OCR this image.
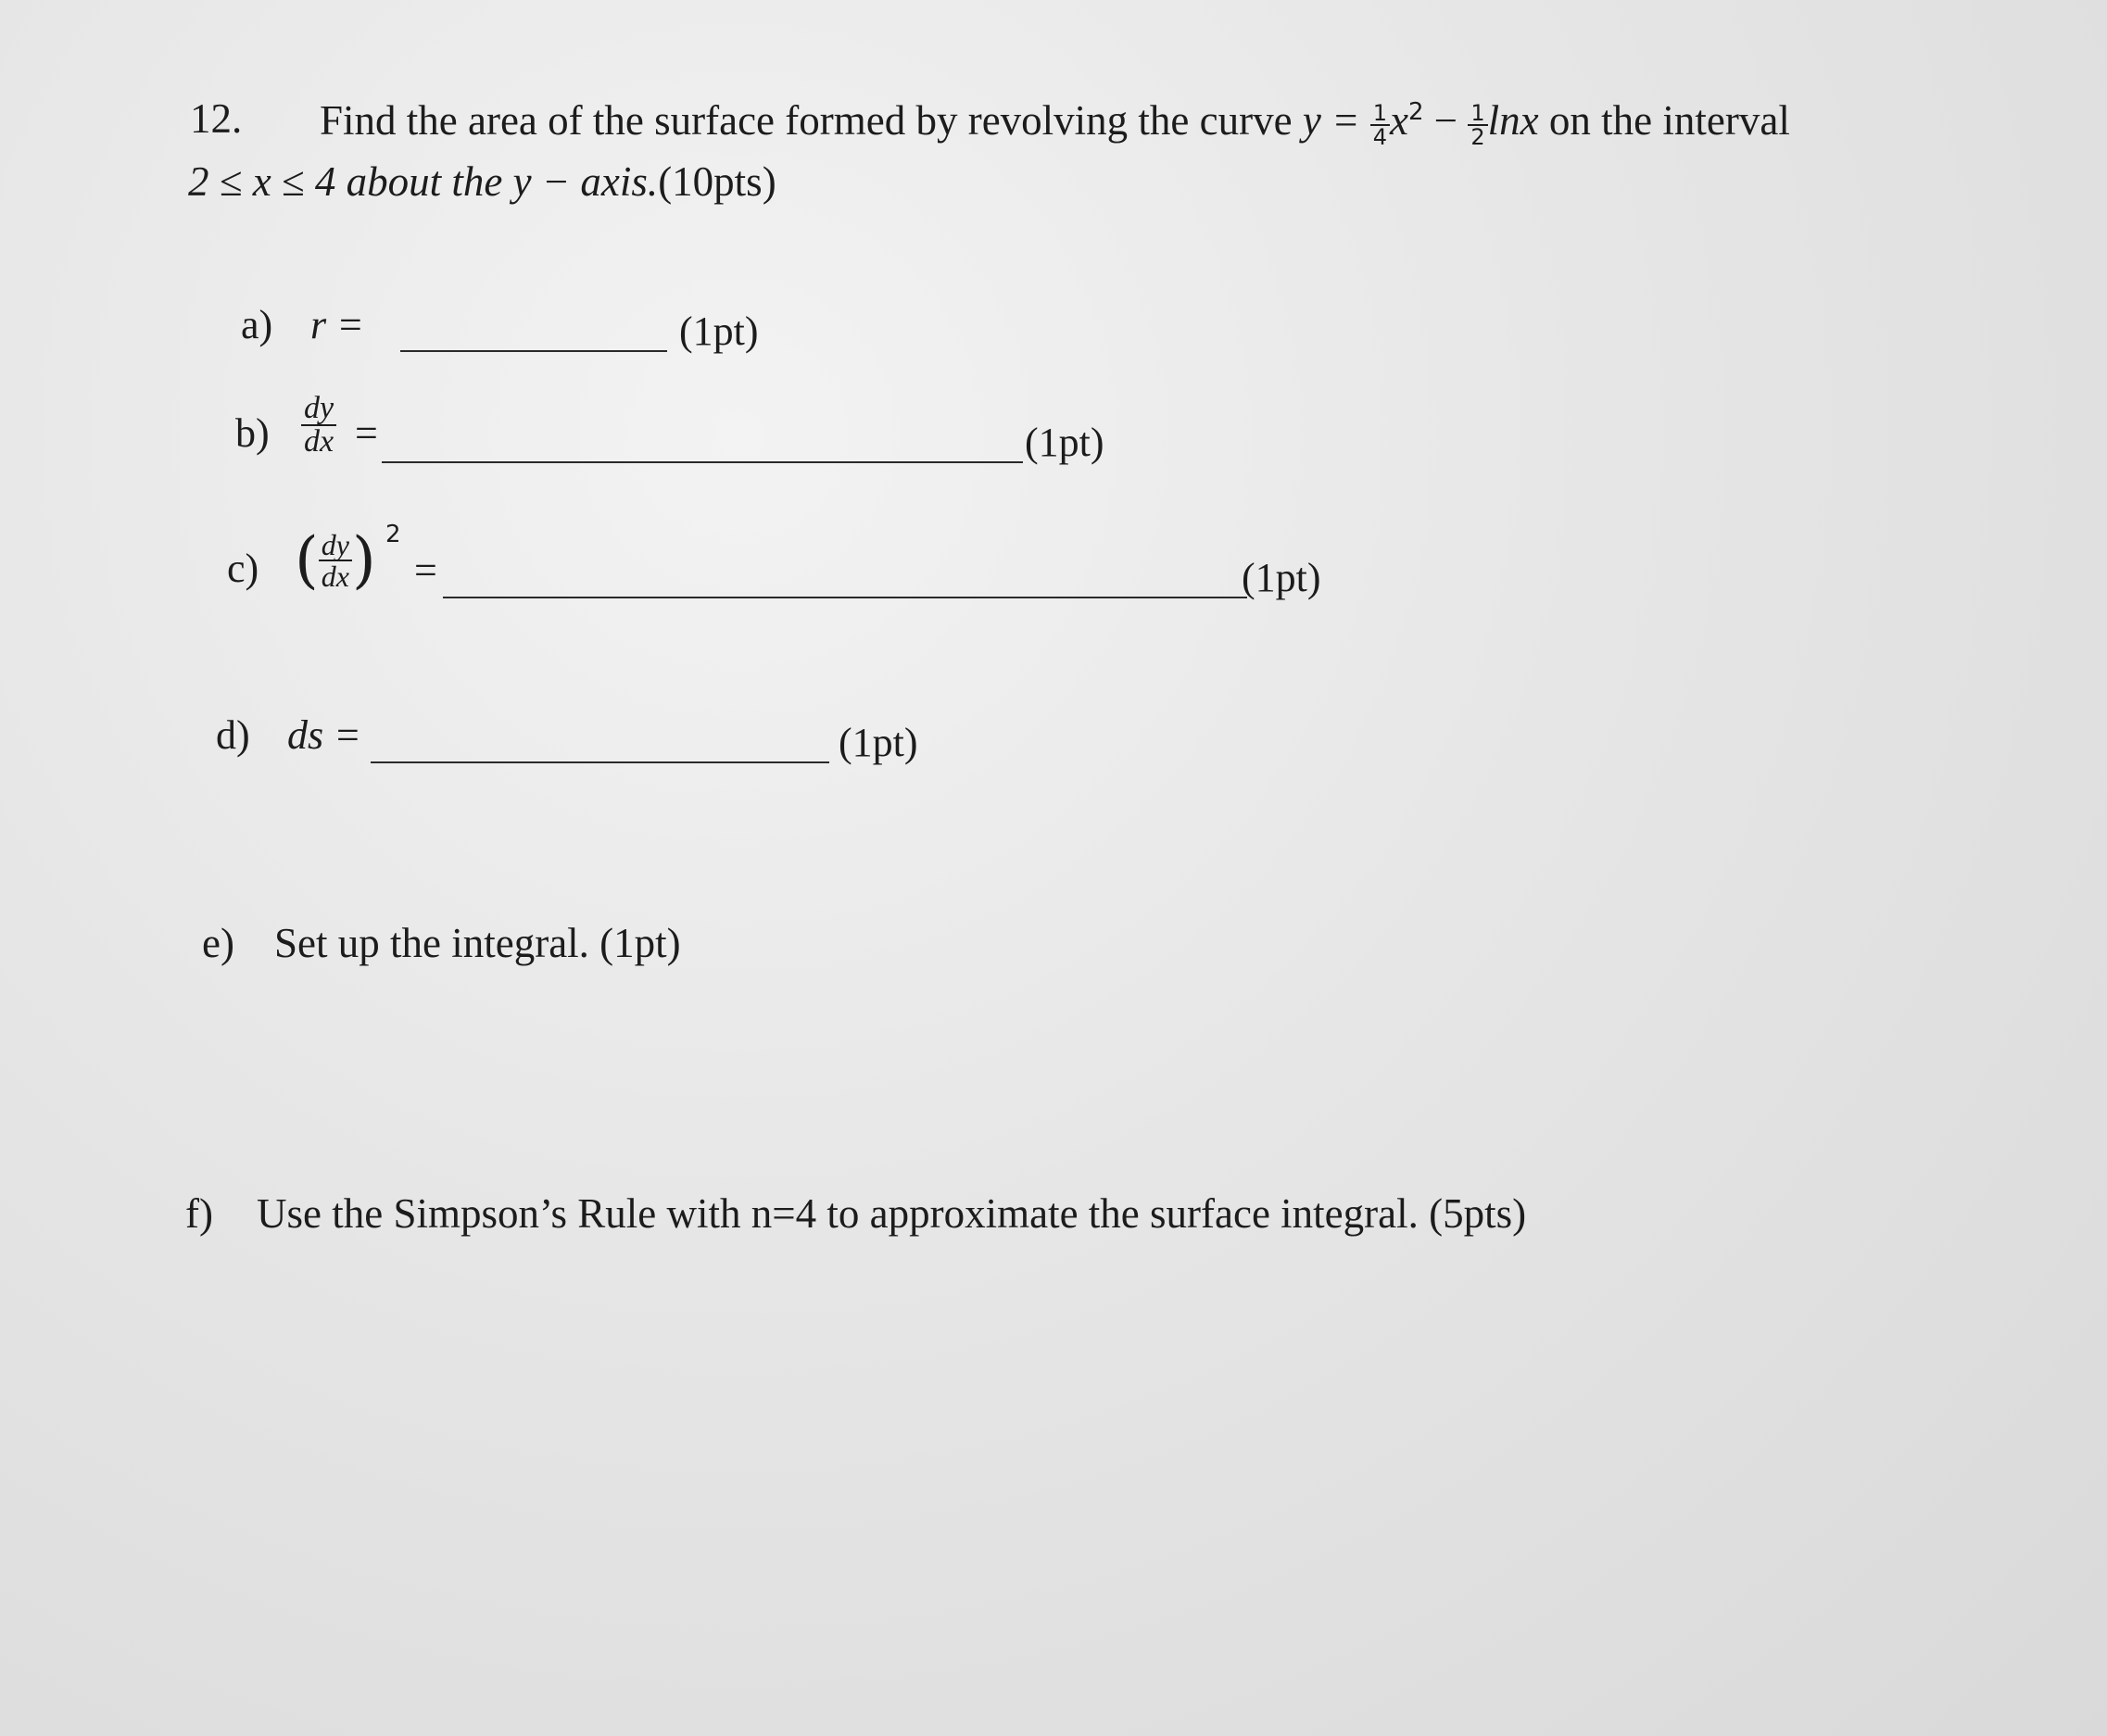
12. Find the area of the surface formed by revolving the curve $y = \frac{1}{4} x^2 - \frac{1}{2}$ lnx on the interval
2 ≤ x ≤ 4 about the y − axis.(10pts)
a) r =	(1pt)
$b) \frac{dy}{dx}$ =	(1pt)
c) ( $\frac{dy}{dx}$ ) 2
=	(1pt)
d) ds =	(1pt)
e) Set up the integral. (1pt)
f) Use the Simpson’s Rule with n=4 to approximate the surface integral. (5pts)
